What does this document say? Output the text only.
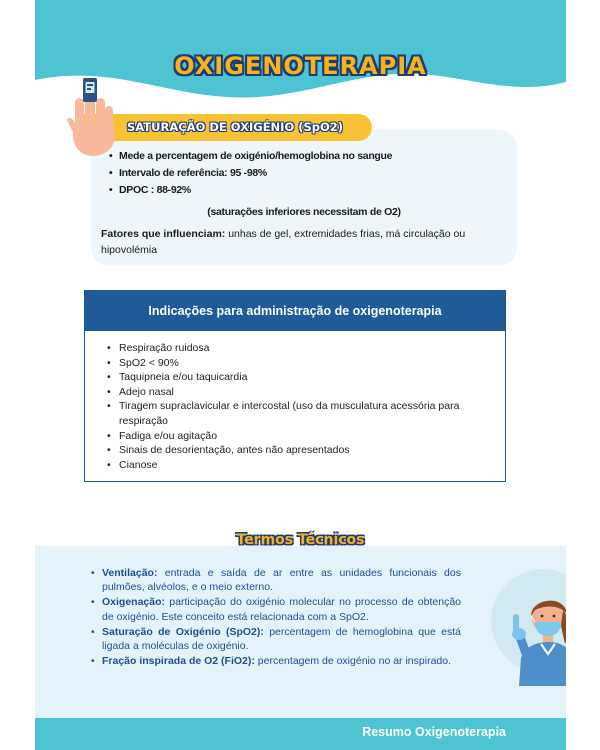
OXIGENOTERAPIA
SATURAÇÃO DE OXIGÉNIO (SpO2)
• Mede a percentagem de oxigénio/hemoglobina no sangue
• Intervalo de referência: 95 -98%
• DPOC : 88-92%
(saturações inferiores necessitam de O2)
Fatores que influenciam: unhas de gel, extremidades frias, má circulação ou hipovolémia
Indicações para administração de oxigenoterapia
• Respiração ruidosa
• SpO2 < 90%
• Taquipneia e/ou taquicardia
• Adejo nasal
• Tiragem supraclavicular e intercostal (uso da musculatura acessória para respiração
• Fadiga e/ou agitação
• Sinais de desorientação, antes não apresentados
• Cianose
Termos Técnicos
• Ventilação: entrada e saída de ar entre as unidades funcionais dos pulmões, alvéolos, e o meio externo.
• Oxigenação: participação do oxigénio molecular no processo de obtenção de oxigénio. Este conceito está relacionada com a SpO2.
• Saturação de Oxigénio (SpO2): percentagem de hemoglobina que está ligada a moléculas de oxigénio.
• Fração inspirada de O2 (FiO2): percentagem de oxigénio no ar inspirado.
Resumo Oxigenoterapia
